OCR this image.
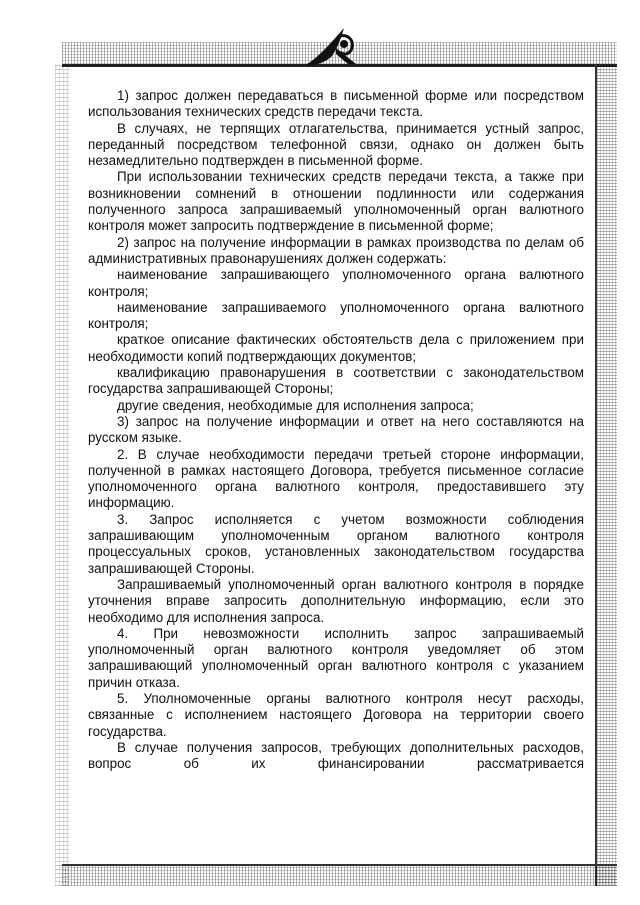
1) запрос должен передаваться в письменной форме или посредством использования технических средств передачи текста.

В случаях, не терпящих отлагательства, принимается устный запрос, переданный посредством телефонной связи, однако он должен быть незамедлительно подтвержден в письменной форме.

При использовании технических средств передачи текста, а также при возникновении сомнений в отношении подлинности или содержания полученного запроса запрашиваемый уполномоченный орган валютного контроля может запросить подтверждение в письменной форме;

2) запрос на получение информации в рамках производства по делам об административных правонарушениях должен содержать:

наименование запрашивающего уполномоченного органа валютного контроля;

наименование запрашиваемого уполномоченного органа валютного контроля;

краткое описание фактических обстоятельств дела с приложением при необходимости копий подтверждающих документов;

квалификацию правонарушения в соответствии с законодательством государства запрашивающей Стороны;

другие сведения, необходимые для исполнения запроса;

3) запрос на получение информации и ответ на него составляются на русском языке.

2. В случае необходимости передачи третьей стороне информации, полученной в рамках настоящего Договора, требуется письменное согласие уполномоченного органа валютного контроля, предоставившего эту информацию.

3. Запрос исполняется с учетом возможности соблюдения запрашивающим уполномоченным органом валютного контроля процессуальных сроков, установленных законодательством государства запрашивающей Стороны.

Запрашиваемый уполномоченный орган валютного контроля в порядке уточнения вправе запросить дополнительную информацию, если это необходимо для исполнения запроса.

4. При невозможности исполнить запрос запрашиваемый уполномоченный орган валютного контроля уведомляет об этом запрашивающий уполномоченный орган валютного контроля с указанием причин отказа.

5. Уполномоченные органы валютного контроля несут расходы, связанные с исполнением настоящего Договора на территории своего государства.

В случае получения запросов, требующих дополнительных расходов, вопрос об их финансировании рассматривается
